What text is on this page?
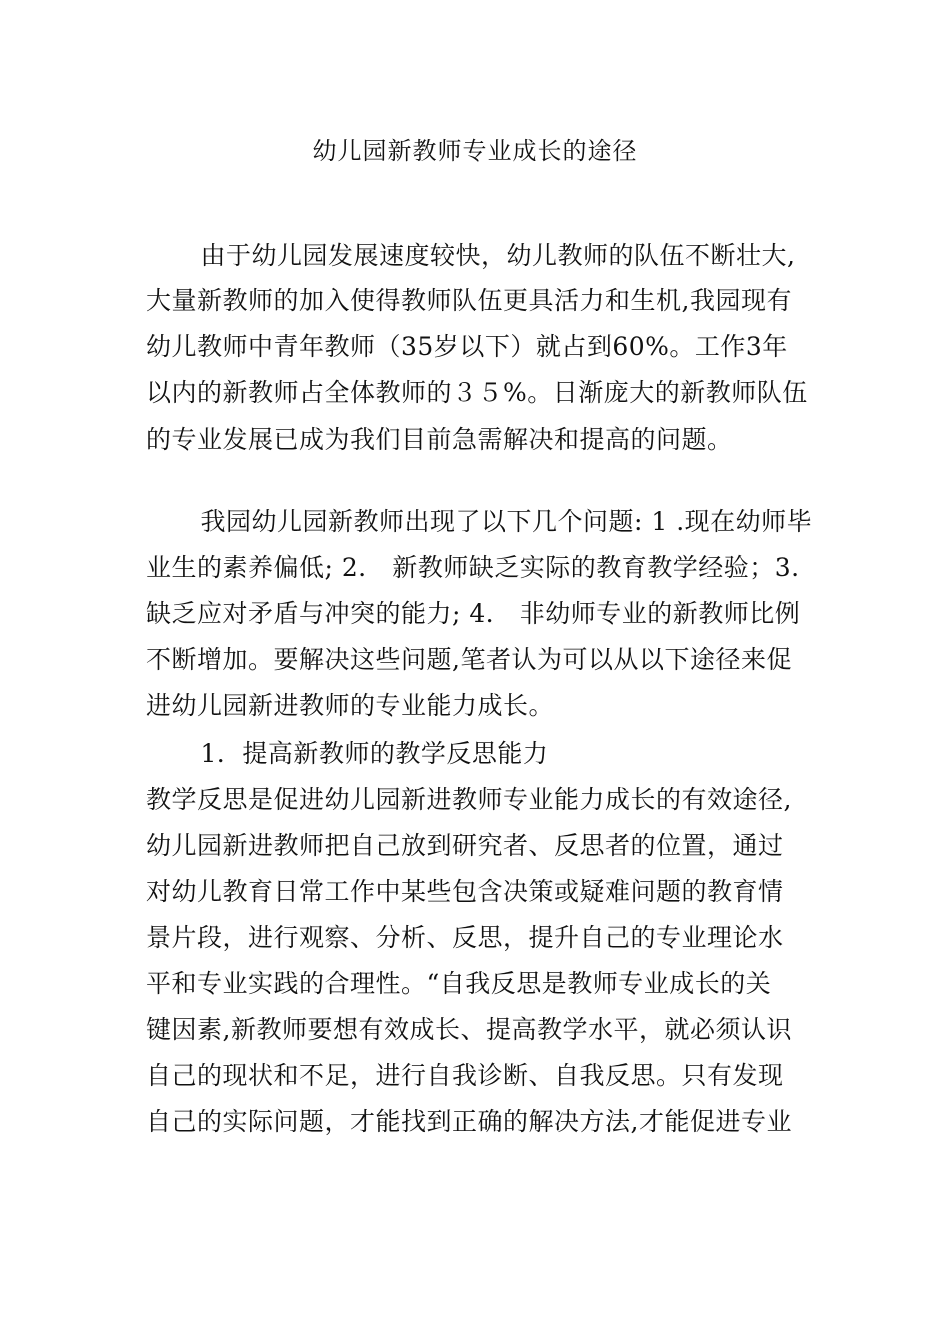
幼儿园新教师专业成长的途径
　由于幼儿园发展速度较快，幼儿教师的队伍不断壮大,
大量新教师的加入使得教师队伍更具活力和生机,我园现有
幼儿教师中青年教师（35岁以下）就占到60%。工作3年
以内的新教师占全体教师的３５%。日渐庞大的新教师队伍
的专业发展已成为我们目前急需解决和提高的问题。
　我园幼儿园新教师出现了以下几个问题: 1 .现在幼师毕
业生的素养偏低; 2． 新教师缺乏实际的教育教学经验；3.
缺乏应对矛盾与冲突的能力; 4． 非幼师专业的新教师比例
不断增加。要解决这些问题,笔者认为可以从以下途径来促
进幼儿园新进教师的专业能力成长。
　1．提高新教师的教学反思能力
教学反思是促进幼儿园新进教师专业能力成长的有效途径,
幼儿园新进教师把自己放到研究者、反思者的位置，通过
对幼儿教育日常工作中某些包含决策或疑难问题的教育情
景片段，进行观察、分析、反思，提升自己的专业理论水
平和专业实践的合理性。“自我反思是教师专业成长的关
键因素,新教师要想有效成长、提高教学水平，就必须认识
自己的现状和不足，进行自我诊断、自我反思。只有发现
自己的实际问题，才能找到正确的解决方法,才能促进专业
